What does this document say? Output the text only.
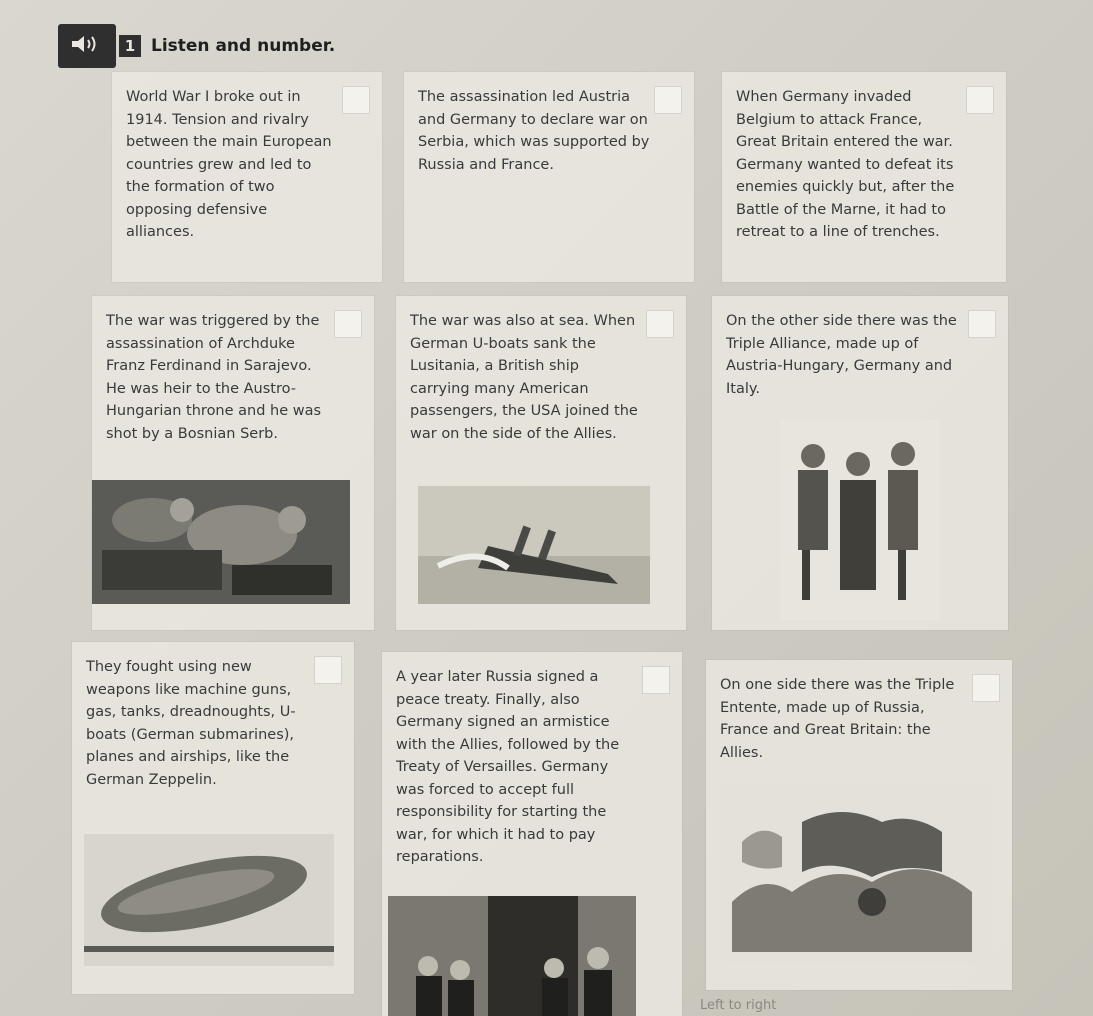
1 Listen and number.
World War I broke out in 1914. Tension and rivalry between the main European countries grew and led to the formation of two opposing defensive alliances.
The assassination led Austria and Germany to declare war on Serbia, which was supported by Russia and France.
When Germany invaded Belgium to attack France, Great Britain entered the war. Germany wanted to defeat its enemies quickly but, after the Battle of the Marne, it had to retreat to a line of trenches.
The war was triggered by the assassination of Archduke Franz Ferdinand in Sarajevo. He was heir to the Austro-Hungarian throne and he was shot by a Bosnian Serb.
The war was also at sea. When German U-boats sank the Lusitania, a British ship carrying many American passengers, the USA joined the war on the side of the Allies.
On the other side there was the Triple Alliance, made up of Austria-Hungary, Germany and Italy.
They fought using new weapons like machine guns, gas, tanks, dreadnoughts, U-boats (German submarines), planes and airships, like the German Zeppelin.
A year later Russia signed a peace treaty. Finally, also Germany signed an armistice with the Allies, followed by the Treaty of Versailles. Germany was forced to accept full responsibility for starting the war, for which it had to pay reparations.
On one side there was the Triple Entente, made up of Russia, France and Great Britain: the Allies.
Left to right
